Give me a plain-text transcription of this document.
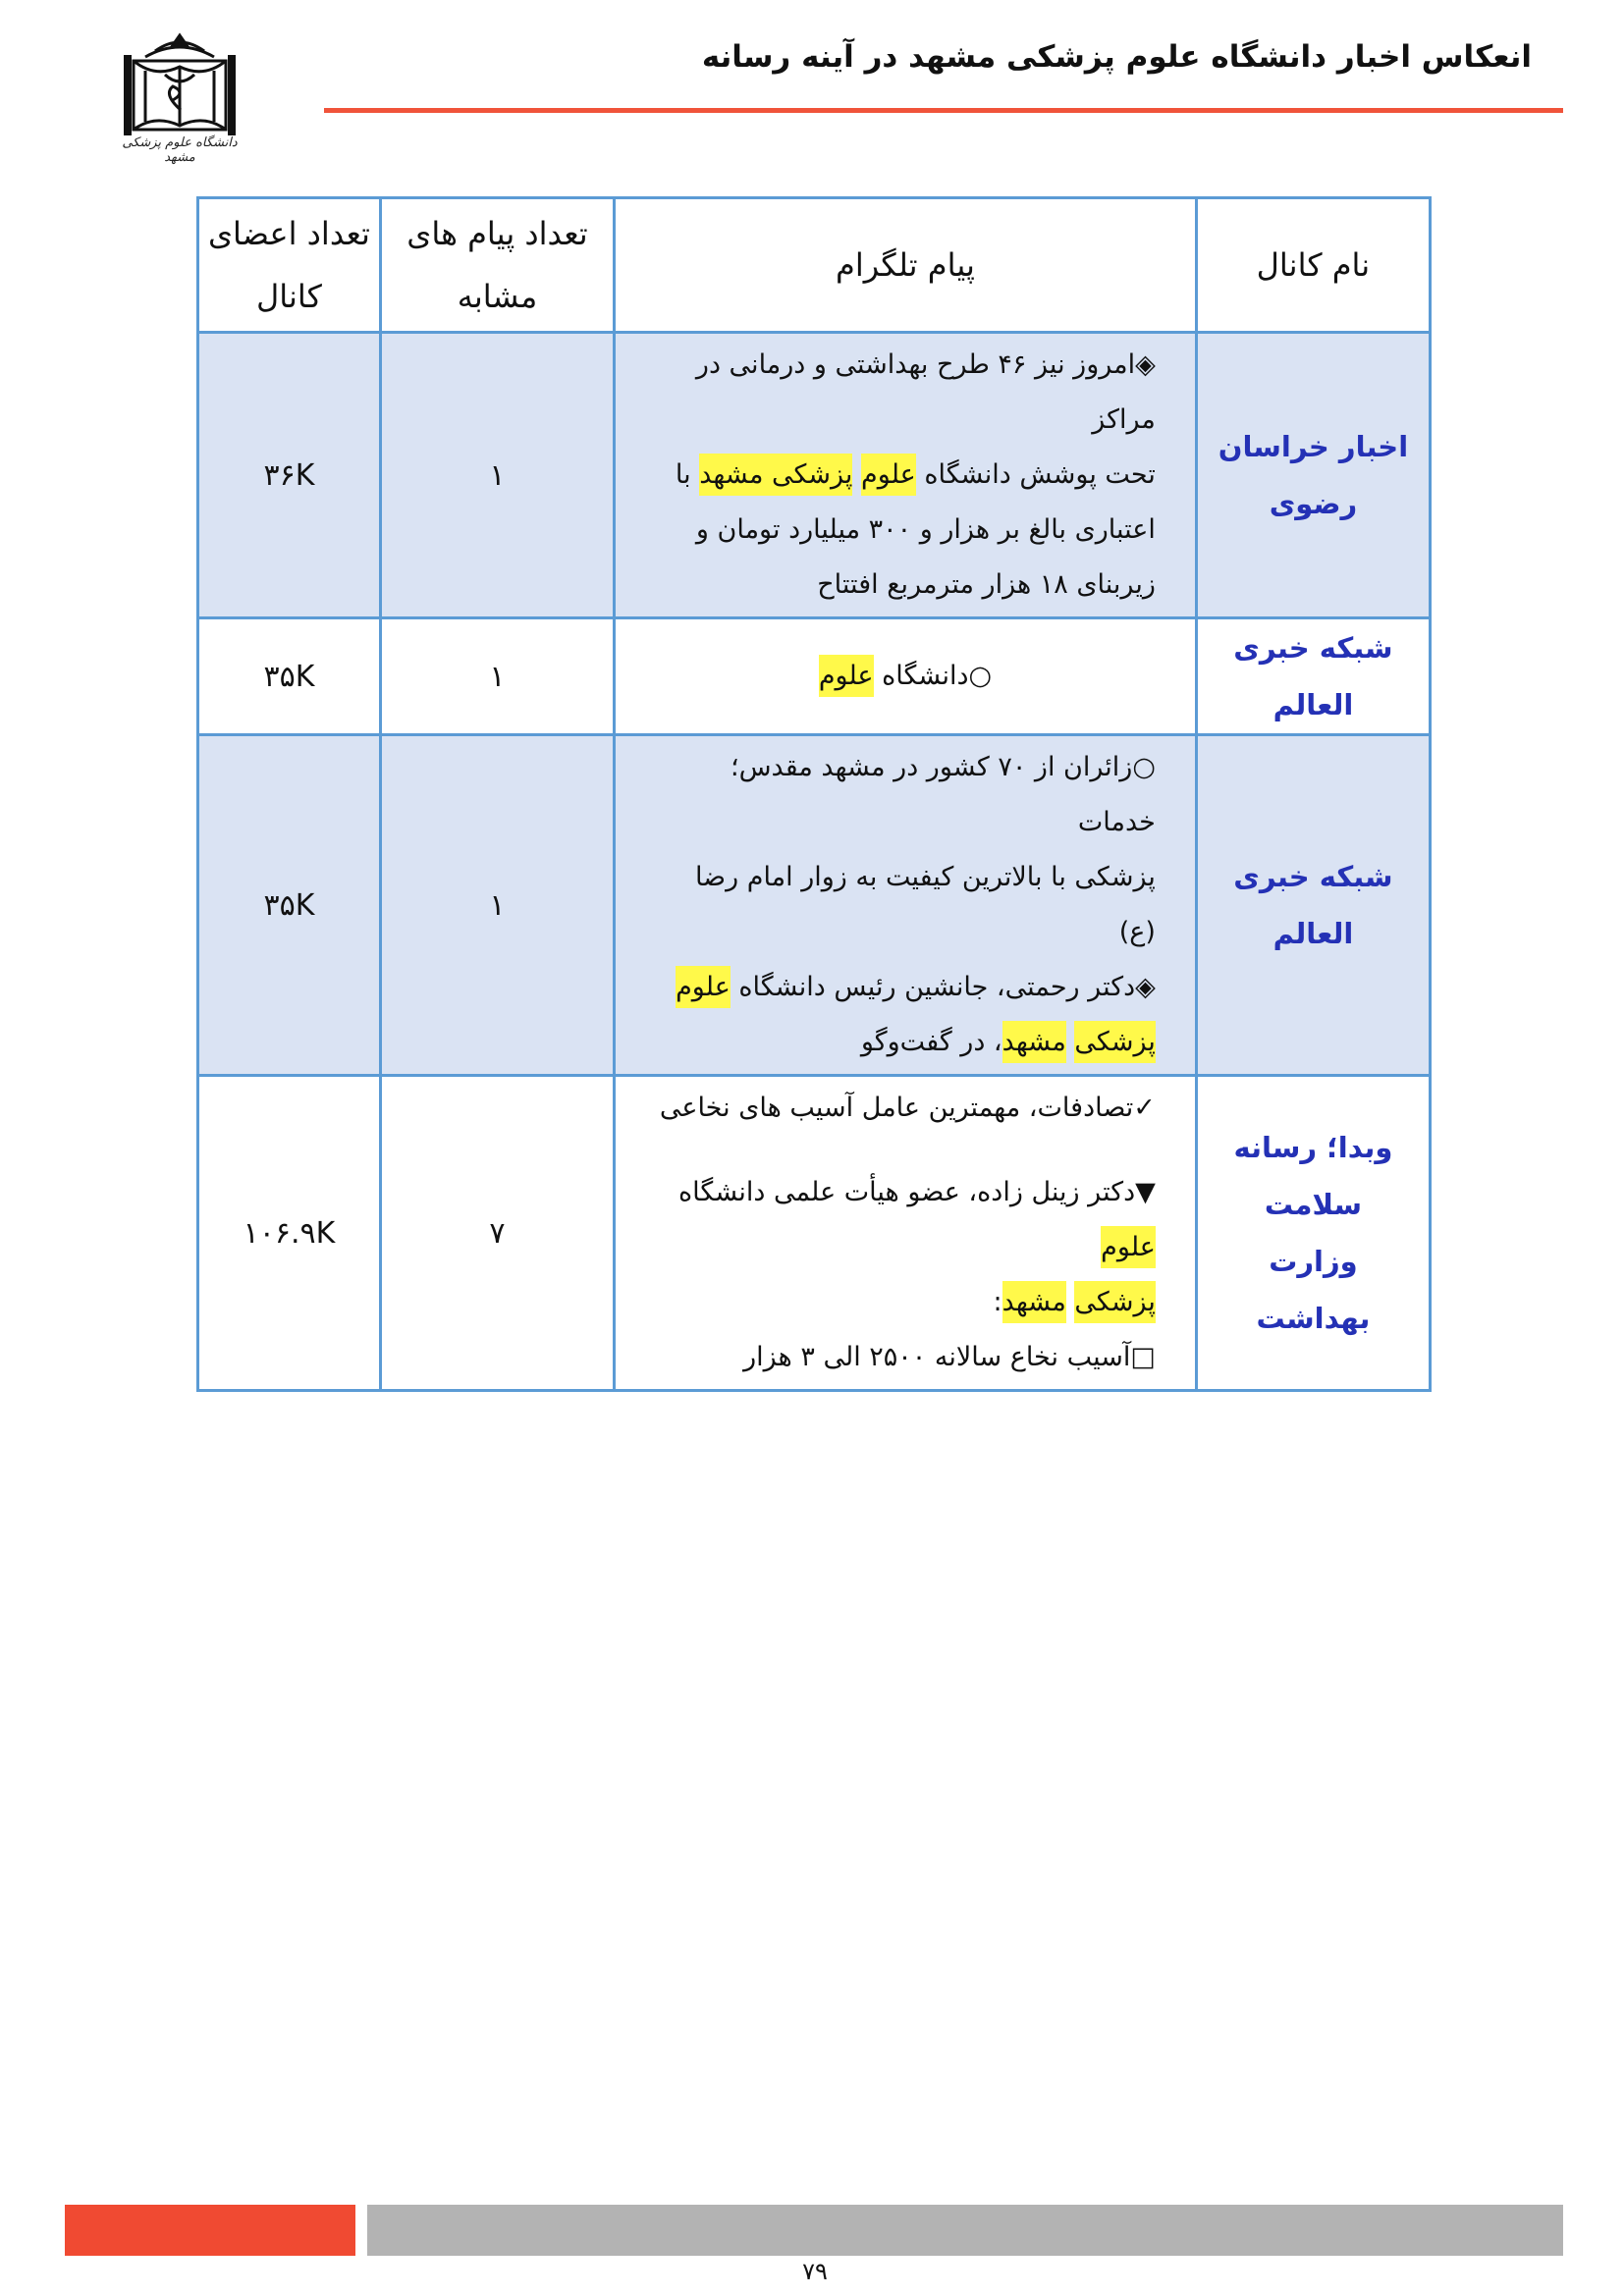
انعکاس اخبار دانشگاه علوم پزشکی مشهد در آینه رسانه
دانشگاه علوم پزشکی مشهد
نام کانال	پیام تلگرام	تعداد پیام های مشابه	تعداد اعضای کانال
اخبار خراسان رضوی	◈امروز نیز ۴۶ طرح بهداشتی و درمانی در مراکز
تحت پوشش دانشگاه علوم پزشکی مشهد با
اعتباری بالغ بر هزار و ۳۰۰ میلیارد تومان و
زیربنای ۱۸ هزار مترمربع افتتاح	۱	۳۶K
شبکه خبری العالم	○دانشگاه علوم	۱	۳۵K
شبکه خبری العالم	○زائران از ۷۰ کشور در مشهد مقدس؛ خدمات
پزشکی با بالاترین کیفیت به زوار امام رضا (ع)
◈دکتر رحمتی، جانشین رئیس دانشگاه علوم
پزشکی مشهد، در گفت‌وگو	۱	۳۵K
وبدا؛ رسانه سلامت وزارت بهداشت	✓تصادفات، مهمترین عامل آسیب های نخاعی
▼دکتر زینل زاده، عضو هیأت علمی دانشگاه علوم
پزشکی مشهد:
□آسیب نخاع سالانه ۲۵۰۰ الی ۳ هزار	۷	۱۰۶.۹K
۷۹
